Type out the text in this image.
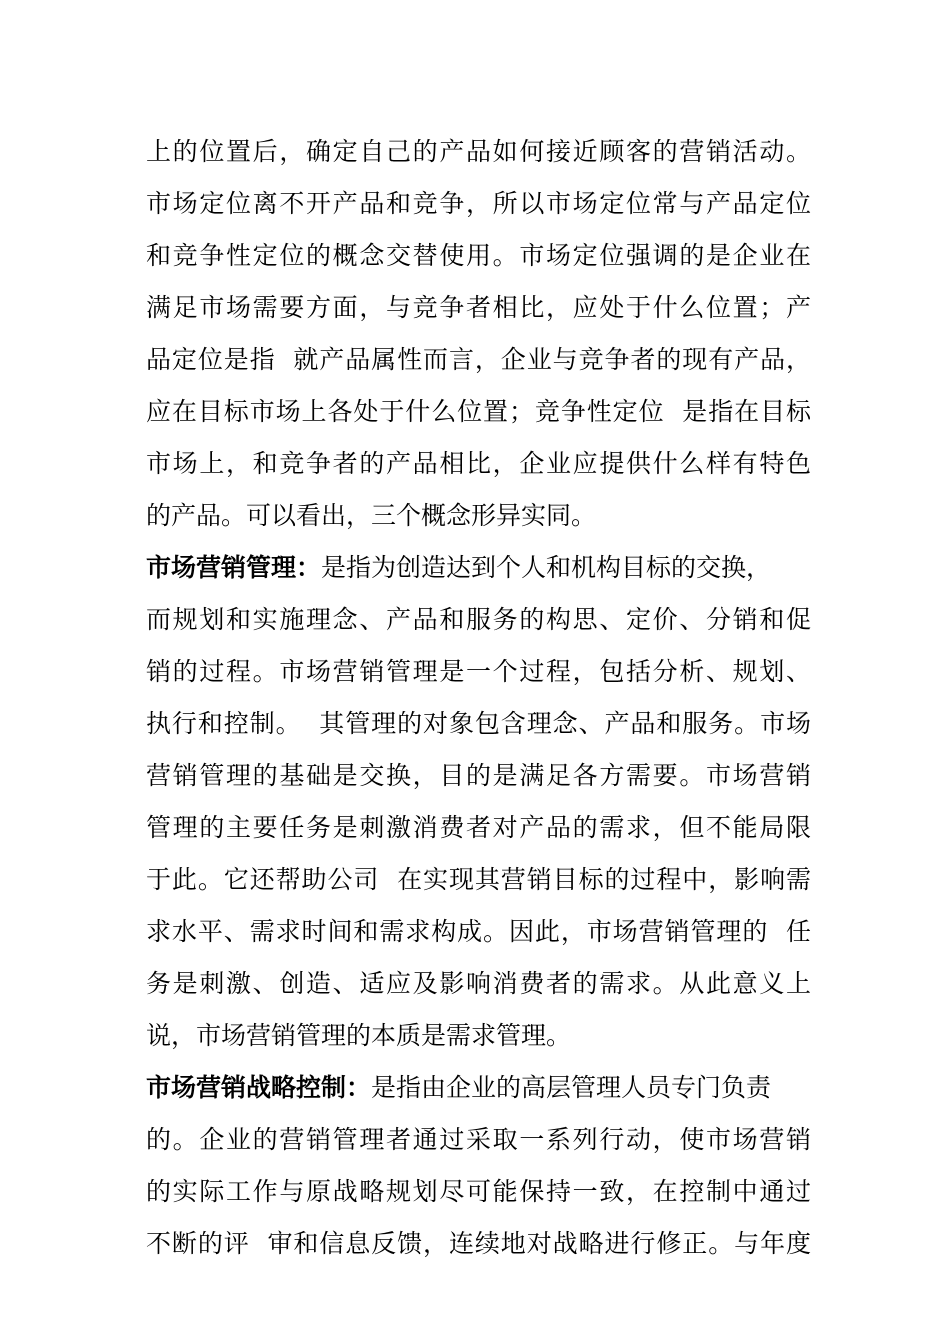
上的位置后，确定自己的产品如何接近顾客的营销活动。
市场定位离不开产品和竞争，所以市场定位常与产品定位
和竞争性定位的概念交替使用。市场定位强调的是企业在
满足市场需要方面，与竞争者相比，应处于什么位置；产
品定位是指  就产品属性而言，企业与竞争者的现有产品，
应在目标市场上各处于什么位置；竞争性定位  是指在目标
市场上，和竞争者的产品相比，企业应提供什么样有特色
的产品。可以看出，三个概念形异实同。
市场营销管理：是指为创造达到个人和机构目标的交换，
而规划和实施理念、产品和服务的构思、定价、分销和促
销的过程。市场营销管理是一个过程，包括分析、规划、
执行和控制。  其管理的对象包含理念、产品和服务。市场
营销管理的基础是交换，目的是满足各方需要。市场营销
管理的主要任务是刺激消费者对产品的需求，但不能局限
于此。它还帮助公司  在实现其营销目标的过程中，影响需
求水平、需求时间和需求构成。因此，市场营销管理的  任
务是刺激、创造、适应及影响消费者的需求。从此意义上
说，市场营销管理的本质是需求管理。
市场营销战略控制：是指由企业的高层管理人员专门负责
的。企业的营销管理者通过采取一系列行动，使市场营销
的实际工作与原战略规划尽可能保持一致，在控制中通过
不断的评  审和信息反馈，连续地对战略进行修正。与年度
